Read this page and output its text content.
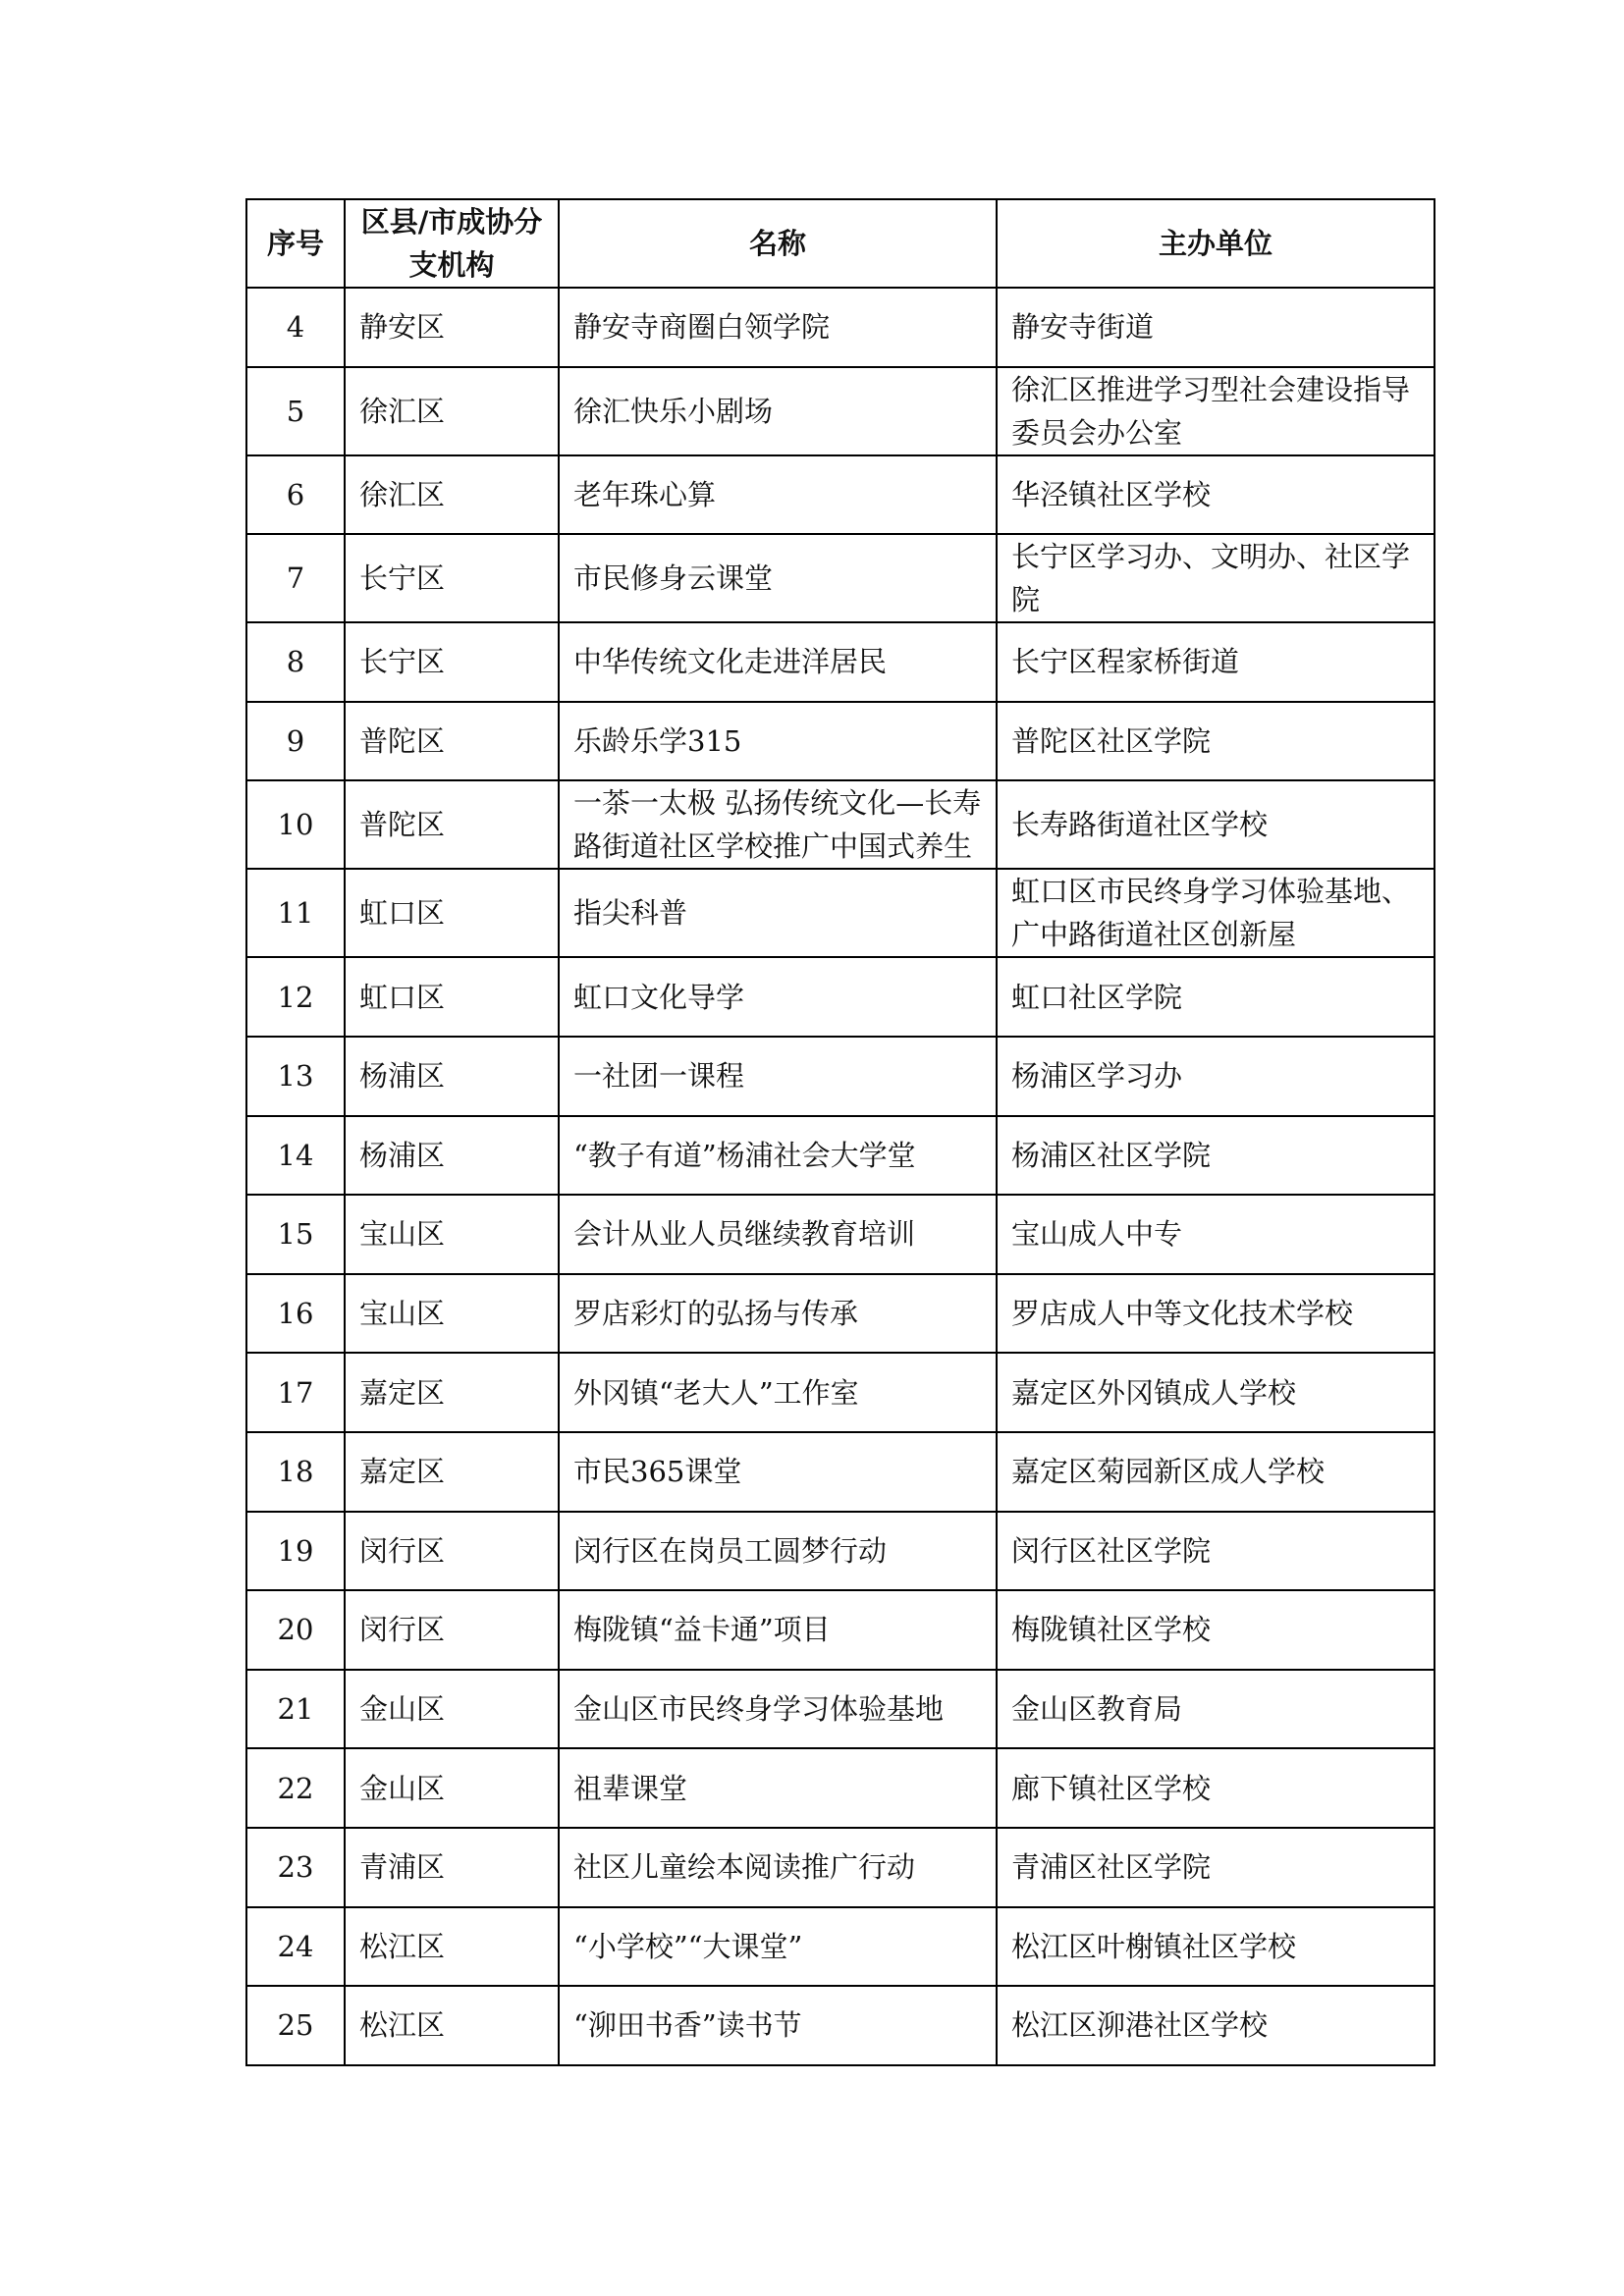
序号	区县/市成协分支机构	名称	主办单位
4	静安区	静安寺商圈白领学院	静安寺街道
5	徐汇区	徐汇快乐小剧场	徐汇区推进学习型社会建设指导委员会办公室
6	徐汇区	老年珠心算	华泾镇社区学校
7	长宁区	市民修身云课堂	长宁区学习办、文明办、社区学院
8	长宁区	中华传统文化走进洋居民	长宁区程家桥街道
9	普陀区	乐龄乐学315	普陀区社区学院
10	普陀区	一茶一太极 弘扬传统文化—长寿路街道社区学校推广中国式养生	长寿路街道社区学校
11	虹口区	指尖科普	虹口区市民终身学习体验基地、广中路街道社区创新屋
12	虹口区	虹口文化导学	虹口社区学院
13	杨浦区	一社团一课程	杨浦区学习办
14	杨浦区	“教子有道”杨浦社会大学堂	杨浦区社区学院
15	宝山区	会计从业人员继续教育培训	宝山成人中专
16	宝山区	罗店彩灯的弘扬与传承	罗店成人中等文化技术学校
17	嘉定区	外冈镇“老大人”工作室	嘉定区外冈镇成人学校
18	嘉定区	市民365课堂	嘉定区菊园新区成人学校
19	闵行区	闵行区在岗员工圆梦行动	闵行区社区学院
20	闵行区	梅陇镇“益卡通”项目	梅陇镇社区学校
21	金山区	金山区市民终身学习体验基地	金山区教育局
22	金山区	祖辈课堂	廊下镇社区学校
23	青浦区	社区儿童绘本阅读推广行动	青浦区社区学院
24	松江区	“小学校”“大课堂”	松江区叶榭镇社区学校
25	松江区	“泖田书香”读书节	松江区泖港社区学校
